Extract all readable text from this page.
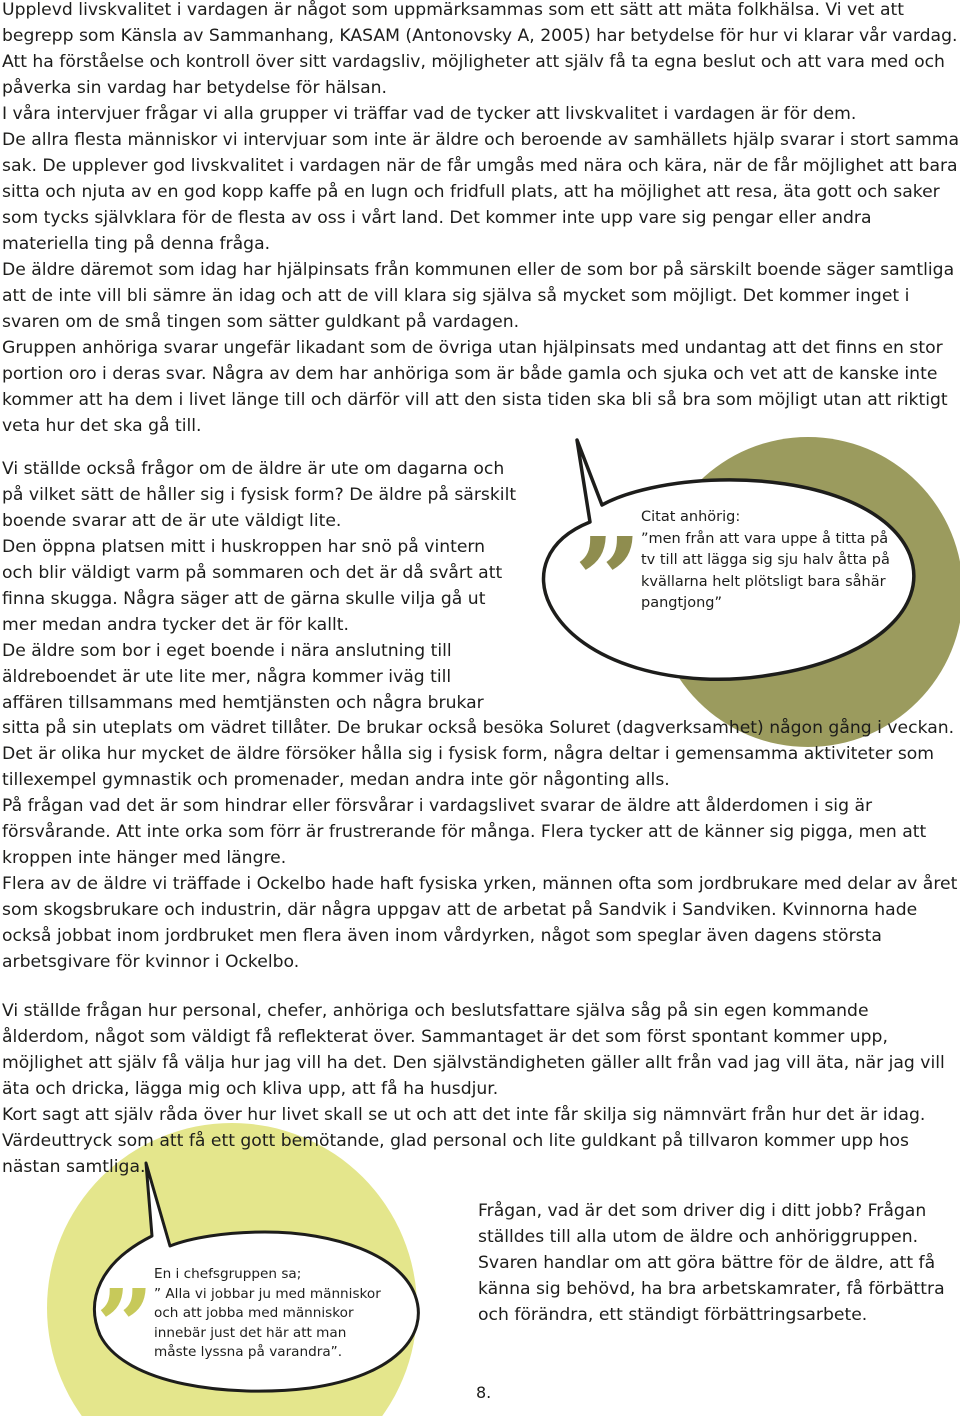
Upplevd livskvalitet i vardagen är något som uppmärksammas som ett sätt att mäta folkhälsa. Vi vet att begrepp som Känsla av Sammanhang, KASAM (Antonovsky A, 2005) har betydelse för hur vi klarar vår vardag. Att ha förståelse och kontroll över sitt vardagsliv, möjligheter att själv få ta egna beslut och att vara med och påverka sin vardag har betydelse för hälsan.

I våra intervjuer frågar vi alla grupper vi träffar vad de tycker att livskvalitet i vardagen är för dem.

De allra flesta människor vi intervjuar som inte är äldre och beroende av samhällets hjälp svarar i stort samma sak. De upplever god livskvalitet i vardagen när de får umgås med nära och kära, när de får möjlighet att bara sitta och njuta av en god kopp kaffe på en lugn och fridfull plats, att ha möjlighet att resa, äta gott och saker som tycks självklara för de flesta av oss i vårt land. Det kommer inte upp vare sig pengar eller andra materiella ting på denna fråga.

De äldre däremot som idag har hjälpinsats från kommunen eller de som bor på särskilt boende säger samtliga att de inte vill bli sämre än idag och att de vill klara sig själva så mycket som möjligt. Det kommer inget i svaren om de små tingen som sätter guldkant på vardagen.

Gruppen anhöriga svarar ungefär likadant som de övriga utan hjälpinsats med undantag att det finns en stor portion oro i deras svar. Några av dem har anhöriga som är både gamla och sjuka och vet att de kanske inte kommer att ha dem i livet länge till och därför vill att den sista tiden ska bli så bra som möjligt utan att riktigt veta hur det ska gå till.

Vi ställde också frågor om de äldre är ute om dagarna och på vilket sätt de håller sig i fysisk form? De äldre på särskilt boende svarar att de är ute väldigt lite.

Den öppna platsen mitt i huskroppen har snö på vintern och blir väldigt varm på sommaren och det är då svårt att finna skugga. Några säger att de gärna skulle vilja gå ut mer medan andra tycker det är för kallt.

De äldre som bor i eget boende i nära anslutning till äldreboendet är ute lite mer, några kommer iväg till affären tillsammans med hemtjänsten och några brukar

” Citat anhörig:

”men från att vara uppe å titta på tv till att lägga sig sju halv åtta på kvällarna helt plötsligt bara såhär pangtjong”

sitta på sin uteplats om vädret tillåter. De brukar också besöka Soluret (dagverksamhet) någon gång i veckan. Det är olika hur mycket de äldre försöker hålla sig i fysisk form, några deltar i gemensamma aktiviteter som tillexempel gymnastik och promenader, medan andra inte gör någonting alls.

På frågan vad det är som hindrar eller försvårar i vardagslivet svarar de äldre att ålderdomen i sig är försvårande. Att inte orka som förr är frustrerande för många. Flera tycker att de känner sig pigga, men att kroppen inte hänger med längre.

Flera av de äldre vi träffade i Ockelbo hade haft fysiska yrken, männen ofta som jordbrukare med delar av året som skogsbrukare och industrin, där några uppgav att de arbetat på Sandvik i Sandviken. Kvinnorna hade också jobbat inom jordbruket men flera även inom vårdyrken, något som speglar även dagens största arbetsgivare för kvinnor i Ockelbo.

Vi ställde frågan hur personal, chefer, anhöriga och beslutsfattare själva såg på sin egen kommande ålderdom, något som väldigt få reflekterat över. Sammantaget är det som först spontant kommer upp, möjlighet att själv få välja hur jag vill ha det. Den självständigheten gäller allt från vad jag vill äta, när jag vill äta och dricka, lägga mig och kliva upp, att få ha husdjur.

Kort sagt att själv råda över hur livet skall se ut och att det inte får skilja sig nämnvärt från hur det är idag. Värdeuttryck som att få ett gott bemötande, glad personal och lite guldkant på tillvaron kommer upp hos nästan samtliga.

” En i chefsgruppen sa;

” Alla vi jobbar ju med människor och att jobba med människor innebär just det här att man måste lyssna på varandra”.

Frågan, vad är det som driver dig i ditt jobb? Frågan ställdes till alla utom de äldre och anhöriggruppen. Svaren handlar om att göra bättre för de äldre, att få känna sig behövd, ha bra arbetskamrater, få förbättra och förändra, ett ständigt förbättringsarbete.

8.
